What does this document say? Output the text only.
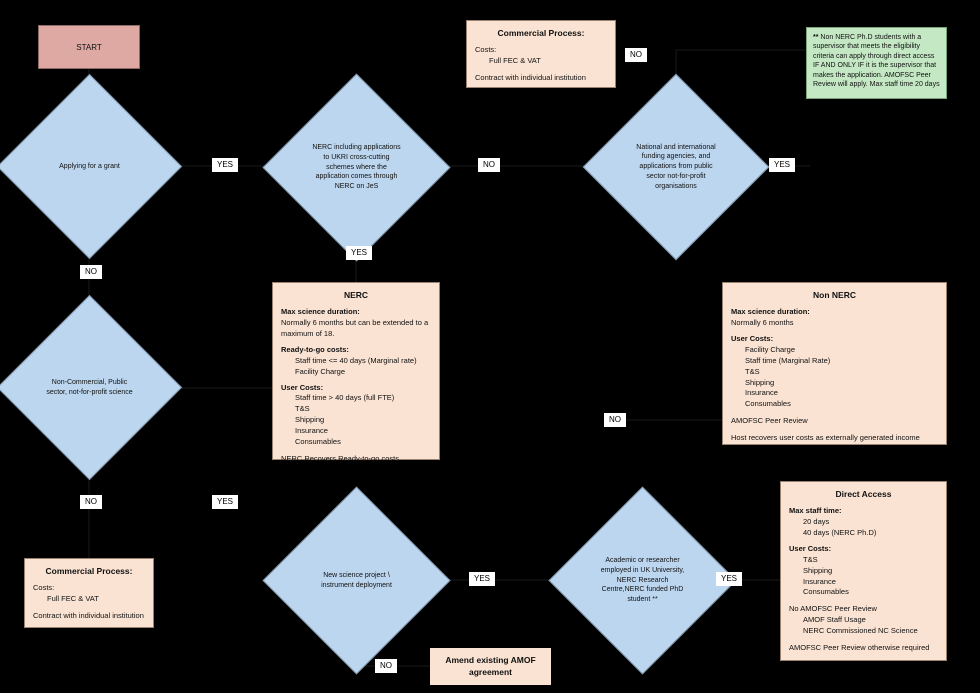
START
Commercial Process:
Costs:
Full FEC & VAT
Contract with individual institution
** Non NERC Ph.D students with a supervisor that meets the eligibility criteria can apply through direct access IF AND ONLY IF it is the supervisor that makes the application. AMOFSC Peer Review will apply. Max staff time 20 days
Applying for a grant
NERC including applications to UKRI cross-cutting schemes where the application comes through NERC on JeS
National and international funding agencies, and applications from public sector not-for-profit organisations
Non-Commercial, Public sector, not-for-profit science
New science project \ instrument deployment
Academic or researcher employed in UK University, NERC Research Centre,NERC funded PhD student **
NERC
Max science duration:
Normally 6 months but can be extended to a maximum of 18.
Ready-to-go costs:
Staff time <= 40 days (Marginal rate)
Facility Charge
User Costs:
Staff time > 40 days (full FTE)
T&S
Shipping
Insurance
Consumables
NERC Recovers Ready-to-go costs
Non NERC
Max science duration:
Normally 6 months
User Costs:
Facility Charge
Staff time (Marginal Rate)
T&S
Shipping
Insurance
Consumables
AMOFSC Peer Review
Host recovers user costs as externally generated income
Direct Access
Max staff time:
20 days
40 days (NERC Ph.D)
User Costs:
T&S
Shipping
Insurance
Consumables
No AMOFSC Peer Review
AMOF Staff Usage
NERC Commissioned NC Science
AMOFSC Peer Review otherwise required
Commercial Process:
Costs:
Full FEC & VAT
Contract with individual institution
Amend existing AMOF
agreement
YES
NO
NO
YES
NO
YES
NO
NO	YES
YES	YES
NO
